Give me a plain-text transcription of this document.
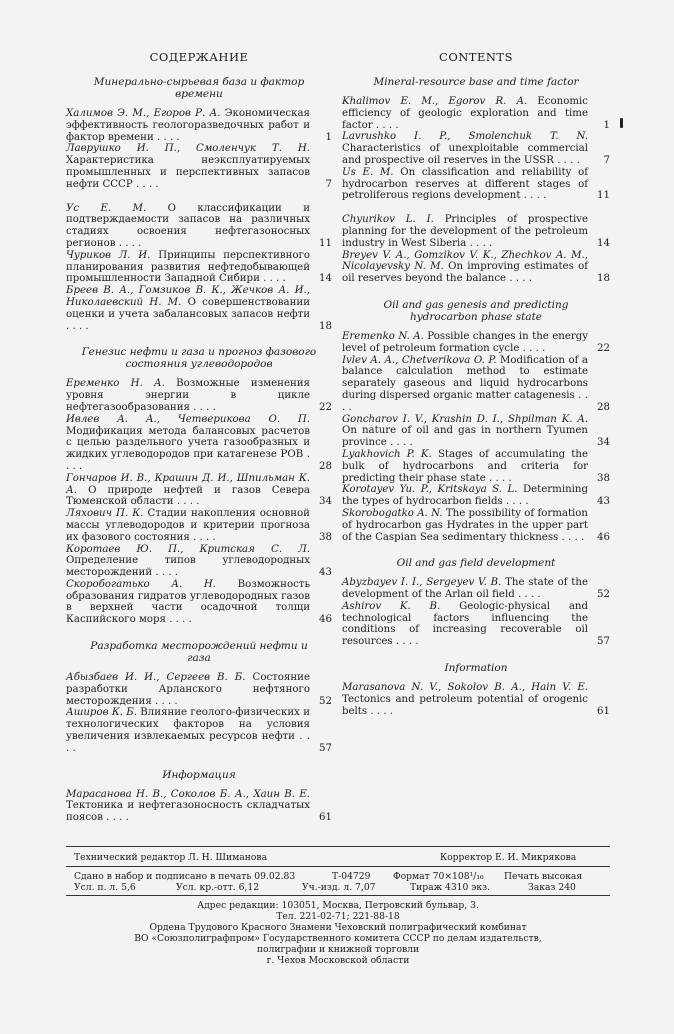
СОДЕРЖАНИЕ
Минерально-сырьевая база и фактор времени
Халимов Э. М., Егоров Р. А. Экономическая эффективность геологоразведочных работ и фактор времени . . . .	1
Лаврушко И. П., Смоленчук Т. Н. Характеристика неэксплуатируемых промышленных и перспективных запасов нефти СССР . . . .	7
Ус Е. М. О классификации и подтверждаемости запасов на различных стадиях освоения нефтегазоносных регионов . . . .	11
Чуриков Л. И. Принципы перспективного планирования развития нефтедобывающей промышленности Западной Сибири . . . .	14
Бреев В. А., Гомзиков В. К., Жечков А. И., Николаевский Н. М. О совершенствовании оценки и учета забалансовых запасов нефти . . . .	18
Генезис нефти и газа и прогноз фазового состояния углеводородов
Еременко Н. А. Возможные изменения уровня энергии в цикле нефтегазообразования . . . .	22
Ивлев А. А., Четверикова О. П. Модификация метода балансовых расчетов с целью раздельного учета газообразных и жидких углеводородов при катагенезе РОВ . . . .	28
Гончаров И. В., Крашин Д. И., Шпильман К. А. О природе нефтей и газов Севера Тюменской области . . . .	34
Ляхович П. К. Стадии накопления основной массы углеводородов и критерии прогноза их фазового состояния . . . .	38
Коротаев Ю. П., Критская С. Л. Определение типов углеводородных месторождений . . . .	43
Скоробогатько А. Н. Возможность образования гидратов углеводородных газов в верхней части осадочной толщи Каспийского моря . . . .	46
Разработка месторождений нефти и газа
Абызбаев И. И., Сергеев В. Б. Состояние разработки Арланского нефтяного месторождения . . . .	52
Аширов К. Б. Влияние геолого-физических и технологических факторов на условия увеличения извлекаемых ресурсов нефти . . . .	57
Информация
Марасанова Н. В., Соколов Б. А., Хаин В. Е. Тектоника и нефтегазоносность складчатых поясов . . . .	61
CONTENTS
Mineral-resource base and time factor
Khalimov E. M., Egorov R. A. Economic efficiency of geologic exploration and time factor . . . .	1
Lavrushko I. P., Smolenchuk T. N. Characteristics of unexploitable commercial and prospective oil reserves in the USSR . . . .	7
Us E. M. On classification and reliability of hydrocarbon reserves at different stages of petroliferous regions development . . . .	11
Chyurikov L. I. Principles of prospective planning for the development of the petroleum industry in West Siberia . . . .	14
Breyev V. A., Gomzikov V. K., Zhechkov A. M., Nicolayevsky N. M. On improving estimates of oil reserves beyond the balance . . . .	18
Oil and gas genesis and predicting hydrocarbon phase state
Eremenko N. A. Possible changes in the energy level of petroleum formation cycle . . . .	22
Ivlev A. A., Chetverikova O. P. Modification of a balance calculation method to estimate separately gaseous and liquid hydrocarbons during dispersed organic matter catagenesis . . . .	28
Goncharov I. V., Krashin D. I., Shpilman K. A. On nature of oil and gas in northern Tyumen province . . . .	34
Lyakhovich P. K. Stages of accumulating the bulk of hydrocarbons and criteria for predicting their phase state . . . .	38
Korotayev Yu. P., Kritskaya S. L. Determining the types of hydrocarbon fields . . . .	43
Skorobogatko A. N. The possibility of formation of hydrocarbon gas Hydrates in the upper part of the Caspian Sea sedimentary thickness . . . .	46
Oil and gas field development
Abyzbayev I. I., Sergeyev V. B. The state of the development of the Arlan oil field . . . .	52
Ashirov K. B. Geologic-physical and technological factors influencing the conditions of increasing recoverable oil resources . . . .	57
Information
Marasanova N. V., Sokolov B. A., Hain V. E. Tectonics and petroleum potential of orogenic belts . . . .	61
Технический редактор Л. Н. Шиманова	Корректор Е. И. Микрякова
Сдано в набор и подписано в печать 09.02.83	Т-04729 Формат 70×108¹/₁₆ Печать высокая
Усл. п. л. 5,6	Усл. кр.-отт. 6,12	Уч.-изд. л. 7,07	Тираж 4310 экз.	Заказ 240
Адрес редакции: 103051, Москва, Петровский бульвар, 3.
Тел. 221-02-71; 221-88-18
Ордена Трудового Красного Знамени Чеховский полиграфический комбинат
ВО «Союзполиграфпром» Государственного комитета СССР по делам издательств,
полиграфии и книжной торговли
г. Чехов Московской области
